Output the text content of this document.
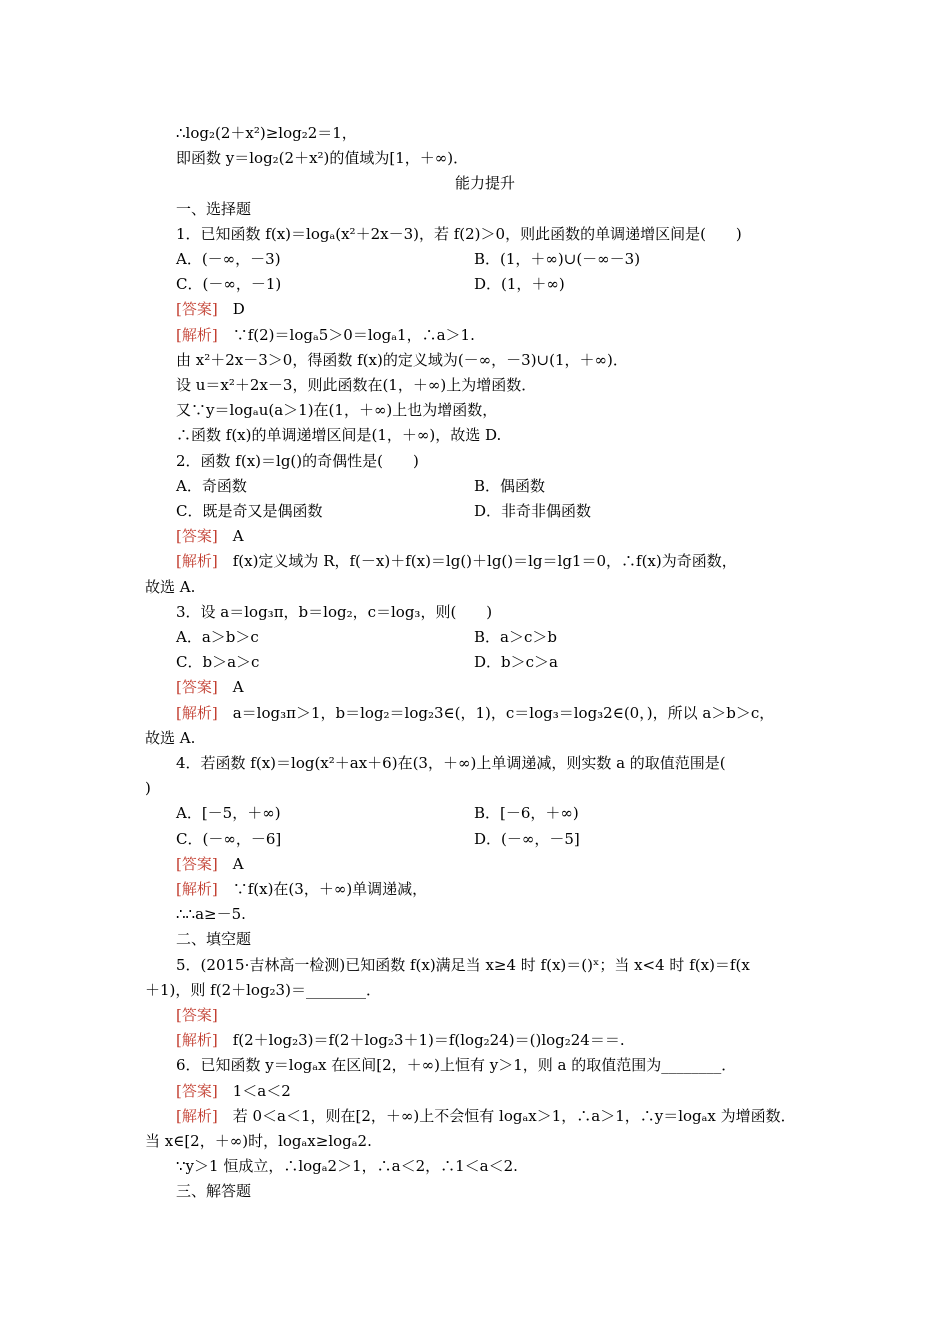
∴log₂(2＋x²)≥log₂2＝1，
即函数 y＝log₂(2＋x²)的值域为[1，＋∞)．
能力提升
一、选择题
1．已知函数 f(x)＝logₐ(x²＋2x－3)，若 f(2)＞0，则此函数的单调递增区间是(　　)
A．(－∞，－3)	B．(1，＋∞)∪(－∞－3)
C．(－∞，－1)	D．(1，＋∞)
[答案]　D
[解析]　∵f(2)＝logₐ5＞0＝logₐ1，∴a＞1.
由 x²＋2x－3＞0，得函数 f(x)的定义域为(－∞，－3)∪(1，＋∞)．
设 u＝x²＋2x－3，则此函数在(1，＋∞)上为增函数．
又∵y＝logₐu(a＞1)在(1，＋∞)上也为增函数，
∴函数 f(x)的单调递增区间是(1，＋∞)，故选 D.
2．函数 f(x)＝lg()的奇偶性是(　　)
A．奇函数	B．偶函数
C．既是奇又是偶函数	D．非奇非偶函数
[答案]　A
[解析]　f(x)定义域为 R，f(－x)＋f(x)＝lg()＋lg()＝lg＝lg1＝0，∴f(x)为奇函数，
故选 A.
3．设 a＝log₃π，b＝log₂，c＝log₃，则(　　)
A．a＞b＞c	B．a＞c＞b
C．b＞a＞c	D．b＞c＞a
[答案]　A
[解析]　a＝log₃π＞1，b＝log₂＝log₂3∈(，1)，c＝log₃＝log₃2∈(0，)，所以 a＞b＞c，
故选 A.
4．若函数 f(x)＝log(x²＋ax＋6)在(3，＋∞)上单调递减，则实数 a 的取值范围是(
)
A．[－5，＋∞)	B．[－6，＋∞)
C．(－∞，－6]	D．(－∞，－5]
[答案]　A
[解析]　∵f(x)在(3，＋∞)单调递减，
∴∴a≥－5.
二、填空题
5．(2015·吉林高一检测)已知函数 f(x)满足当 x≥4 时 f(x)＝()ˣ；当 x<4 时 f(x)＝f(x
＋1)，则 f(2＋log₂3)＝________．
[答案]
[解析]　f(2＋log₂3)＝f(2＋log₂3＋1)＝f(log₂24)＝()log₂24＝＝.
6．已知函数 y＝logₐx 在区间[2，＋∞)上恒有 y＞1，则 a 的取值范围为________．
[答案]　1＜a＜2
[解析]　若 0＜a＜1，则在[2，＋∞)上不会恒有 logₐx＞1，∴a＞1，∴y＝logₐx 为增函数．
当 x∈[2，＋∞)时，logₐx≥logₐ2.
∵y＞1 恒成立，∴logₐ2＞1，∴a＜2，∴1＜a＜2.
三、解答题
